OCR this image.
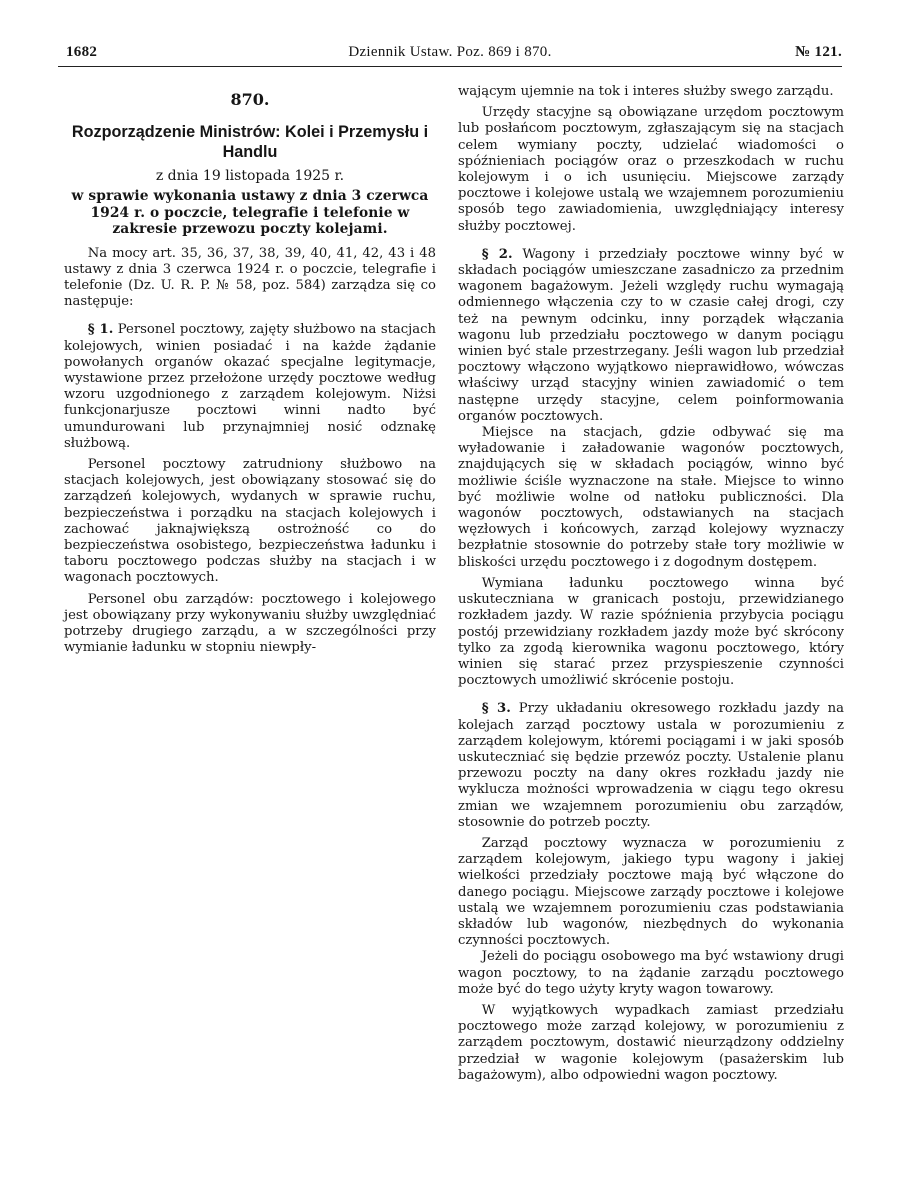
1682	Dziennik Ustaw. Poz. 869 i 870.	№ 121.
870.
Rozporządzenie Ministrów: Kolei i Przemysłu i Handlu
z dnia 19 listopada 1925 r.
w sprawie wykonania ustawy z dnia 3 czerwca 1924 r. o poczcie, telegrafie i telefonie w zakresie przewozu poczty kolejami.

Na mocy art. 35, 36, 37, 38, 39, 40, 41, 42, 43 i 48 ustawy z dnia 3 czerwca 1924 r. o poczcie, telegrafie i telefonie (Dz. U. R. P. № 58, poz. 584) zarządza się co następuje:

§ 1. Personel pocztowy, zajęty służbowo na stacjach kolejowych, winien posiadać i na każde żądanie powołanych organów okazać specjalne legitymacje, wystawione przez przełożone urzędy pocztowe według wzoru uzgodnionego z zarządem kolejowym. Niżsi funkcjonarjusze pocztowi winni nadto być umundurowani lub przynajmniej nosić odznakę służbową.

Personel pocztowy zatrudniony służbowo na stacjach kolejowych, jest obowiązany stosować się do zarządzeń kolejowych, wydanych w sprawie ruchu, bezpieczeństwa i porządku na stacjach kolejowych i zachować jaknajwiększą ostrożność co do bezpieczeństwa osobistego, bezpieczeństwa ładunku i taboru pocztowego podczas służby na stacjach i w wagonach pocztowych.

Personel obu zarządów: pocztowego i kolejowego jest obowiązany przy wykonywaniu służby uwzględniać potrzeby drugiego zarządu, a w szczególności przy wymianie ładunku w stopniu niewpły-

wającym ujemnie na tok i interes służby swego zarządu.

Urzędy stacyjne są obowiązane urzędom pocztowym lub posłańcom pocztowym, zgłaszającym się na stacjach celem wymiany poczty, udzielać wiadomości o spóźnieniach pociągów oraz o przeszkodach w ruchu kolejowym i o ich usunięciu. Miejscowe zarządy pocztowe i kolejowe ustalą we wzajemnem porozumieniu sposób tego zawiadomienia, uwzględniający interesy służby pocztowej.

§ 2. Wagony i przedziały pocztowe winny być w składach pociągów umieszczane zasadniczo za przednim wagonem bagażowym. Jeżeli względy ruchu wymagają odmiennego włączenia czy to w czasie całej drogi, czy też na pewnym odcinku, inny porządek włączania wagonu lub przedziału pocztowego w danym pociągu winien być stale przestrzegany. Jeśli wagon lub przedział pocztowy włączono wyjątkowo nieprawidłowo, wówczas właściwy urząd stacyjny winien zawiadomić o tem następne urzędy stacyjne, celem poinformowania organów pocztowych.

Miejsce na stacjach, gdzie odbywać się ma wyładowanie i załadowanie wagonów pocztowych, znajdujących się w składach pociągów, winno być możliwie ściśle wyznaczone na stałe. Miejsce to winno być możliwie wolne od natłoku publiczności. Dla wagonów pocztowych, odstawianych na stacjach węzłowych i końcowych, zarząd kolejowy wyznaczy bezpłatnie stosownie do potrzeby stałe tory możliwie w bliskości urzędu pocztowego i z dogodnym dostępem.

Wymiana ładunku pocztowego winna być uskuteczniana w granicach postoju, przewidzianego rozkładem jazdy. W razie spóźnienia przybycia pociągu postój przewidziany rozkładem jazdy może być skrócony tylko za zgodą kierownika wagonu pocztowego, który winien się starać przez przyspieszenie czynności pocztowych umożliwić skrócenie postoju.

§ 3. Przy układaniu okresowego rozkładu jazdy na kolejach zarząd pocztowy ustala w porozumieniu z zarządem kolejowym, któremi pociągami i w jaki sposób uskuteczniać się będzie przewóz poczty. Ustalenie planu przewozu poczty na dany okres rozkładu jazdy nie wyklucza możności wprowadzenia w ciągu tego okresu zmian we wzajemnem porozumieniu obu zarządów, stosownie do potrzeb poczty.

Zarząd pocztowy wyznacza w porozumieniu z zarządem kolejowym, jakiego typu wagony i jakiej wielkości przedziały pocztowe mają być włączone do danego pociągu. Miejscowe zarządy pocztowe i kolejowe ustalą we wzajemnem porozumieniu czas podstawiania składów lub wagonów, niezbędnych do wykonania czynności pocztowych.

Jeżeli do pociągu osobowego ma być wstawiony drugi wagon pocztowy, to na żądanie zarządu pocztowego może być do tego użyty kryty wagon towarowy.

W wyjątkowych wypadkach zamiast przedziału pocztowego może zarząd kolejowy, w porozumieniu z zarządem pocztowym, dostawić nieurządzony oddzielny przedział w wagonie kolejowym (pasażerskim lub bagażowym), albo odpowiedni wagon pocztowy.
